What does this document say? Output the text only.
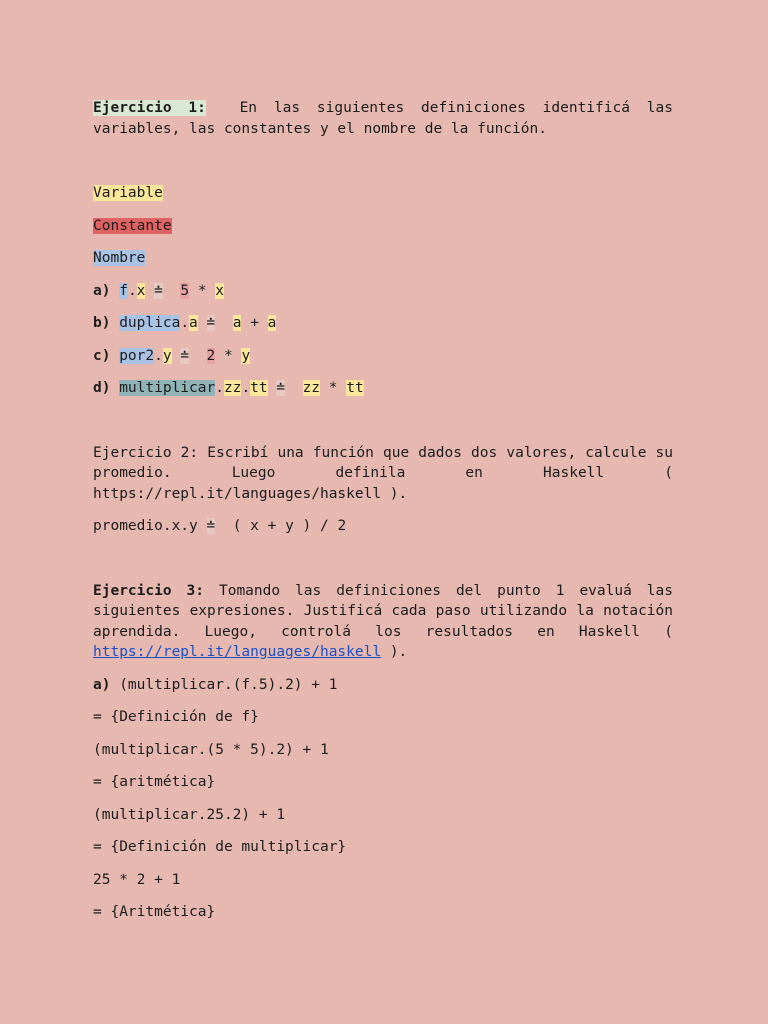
Ejercicio 1: En las siguientes definiciones identificá las variables, las constantes y el nombre de la función.

Variable
Constante
Nombre
a) f.x ≐ 5 * x
b) duplica.a ≐ a + a
c) por2.y ≐ 2 * y
d) multiplicar.zz.tt ≐ zz * tt

Ejercicio 2: Escribí una función que dados dos valores, calcule su promedio. Luego definila en Haskell ( https://repl.it/languages/haskell ).

promedio.x.y ≐  ( x + y ) / 2

Ejercicio 3: Tomando las definiciones del punto 1 evaluá las siguientes expresiones. Justificá cada paso utilizando la notación aprendida. Luego, controlá los resultados en Haskell ( https://repl.it/languages/haskell ).

a) (multiplicar.(f.5).2) + 1
= {Definición de f}
(multiplicar.(5 * 5).2) + 1
= {aritmética}
(multiplicar.25.2) + 1
= {Definición de multiplicar}
25 * 2 + 1
= {Aritmética}
